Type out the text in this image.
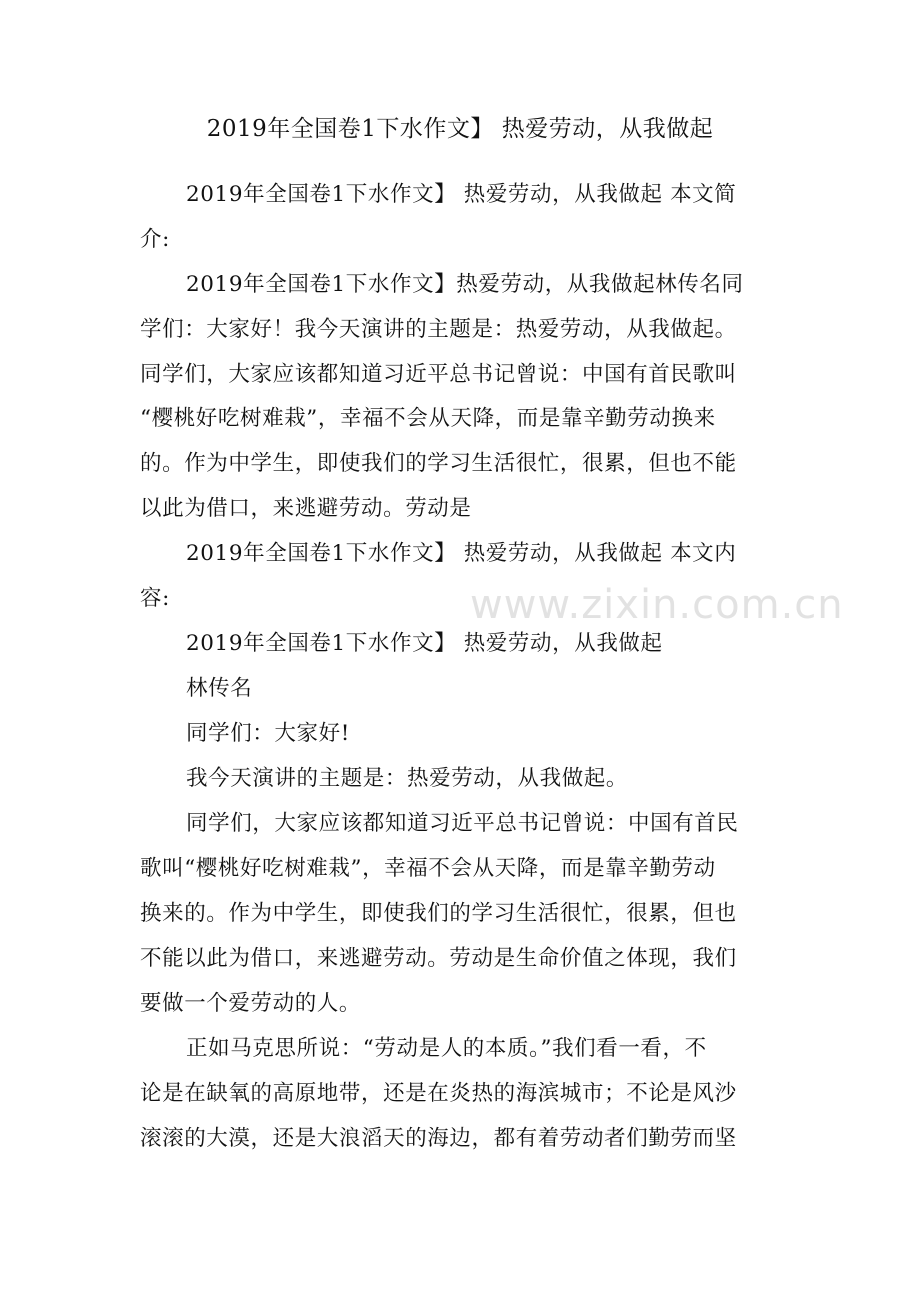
www.zixin.com.cn
2019年全国卷1下水作文】 热爱劳动，从我做起
2019年全国卷1下水作文】 热爱劳动，从我做起 本文简
介:
2019年全国卷1下水作文】热爱劳动，从我做起林传名同
学们：大家好！我今天演讲的主题是：热爱劳动，从我做起。
同学们，大家应该都知道习近平总书记曾说：中国有首民歌叫
“樱桃好吃树难栽”，幸福不会从天降，而是靠辛勤劳动换来
的。作为中学生，即使我们的学习生活很忙，很累，但也不能
以此为借口，来逃避劳动。劳动是
2019年全国卷1下水作文】 热爱劳动，从我做起 本文内
容:
2019年全国卷1下水作文】 热爱劳动，从我做起
林传名
同学们：大家好!
我今天演讲的主题是：热爱劳动，从我做起。
同学们，大家应该都知道习近平总书记曾说：中国有首民
歌叫“樱桃好吃树难栽”，幸福不会从天降，而是靠辛勤劳动
换来的。作为中学生，即使我们的学习生活很忙，很累，但也
不能以此为借口，来逃避劳动。劳动是生命价值之体现，我们
要做一个爱劳动的人。
正如马克思所说：“劳动是人的本质。”我们看一看，不
论是在缺氧的高原地带，还是在炎热的海滨城市；不论是风沙
滚滚的大漠，还是大浪滔天的海边，都有着劳动者们勤劳而坚
